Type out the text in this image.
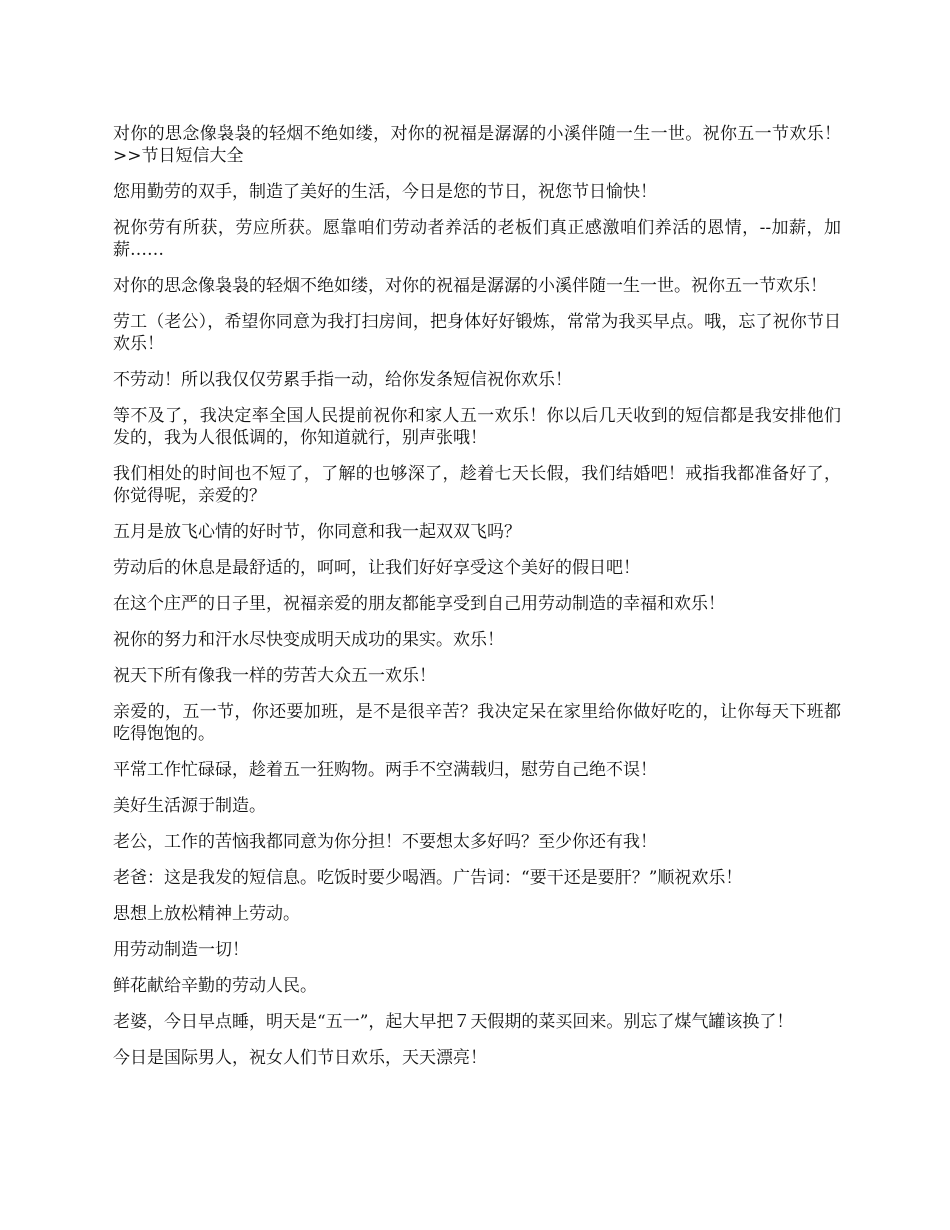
对你的思念像袅袅的轻烟不绝如缕，对你的祝福是潺潺的小溪伴随一生一世。祝你五一节欢乐！ >>节日短信大全

您用勤劳的双手，制造了美好的生活，今日是您的节日，祝您节日愉快！

祝你劳有所获，劳应所获。愿靠咱们劳动者养活的老板们真正感激咱们养活的恩情，--加薪，加薪……

对你的思念像袅袅的轻烟不绝如缕，对你的祝福是潺潺的小溪伴随一生一世。祝你五一节欢乐！

劳工（老公），希望你同意为我打扫房间，把身体好好锻炼，常常为我买早点。哦，忘了祝你节日欢乐！

不劳动！所以我仅仅劳累手指一动，给你发条短信祝你欢乐！

等不及了，我决定率全国人民提前祝你和家人五一欢乐！你以后几天收到的短信都是我安排他们发的，我为人很低调的，你知道就行，别声张哦！

我们相处的时间也不短了，了解的也够深了，趁着七天长假，我们结婚吧！戒指我都准备好了，你觉得呢，亲爱的？

五月是放飞心情的好时节，你同意和我一起双双飞吗？

劳动后的休息是最舒适的，呵呵，让我们好好享受这个美好的假日吧！

在这个庄严的日子里，祝福亲爱的朋友都能享受到自己用劳动制造的幸福和欢乐！

祝你的努力和汗水尽快变成明天成功的果实。欢乐！

祝天下所有像我一样的劳苦大众五一欢乐！

亲爱的，五一节，你还要加班，是不是很辛苦？我决定呆在家里给你做好吃的，让你每天下班都吃得饱饱的。

平常工作忙碌碌，趁着五一狂购物。两手不空满载归，慰劳自己绝不误！

美好生活源于制造。

老公，工作的苦恼我都同意为你分担！不要想太多好吗？至少你还有我！

老爸：这是我发的短信息。吃饭时要少喝酒。广告词：“要干还是要肝？”顺祝欢乐！

思想上放松精神上劳动。

用劳动制造一切！

鲜花献给辛勤的劳动人民。

老婆，今日早点睡，明天是“五一”，起大早把７天假期的菜买回来。别忘了煤气罐该换了！

今日是国际男人，祝女人们节日欢乐，天天漂亮！
